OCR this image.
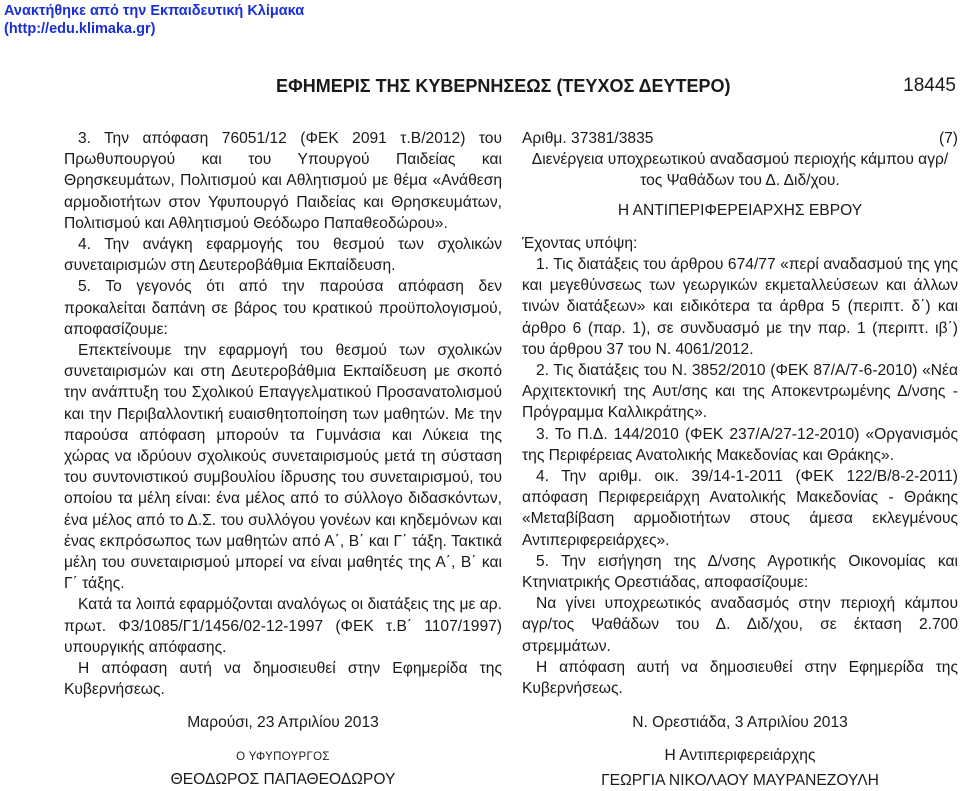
Ανακτήθηκε από την Εκπαιδευτική Κλίμακα
(http://edu.klimaka.gr)
ΕΦΗΜΕΡΙΣ ΤΗΣ ΚΥΒΕΡΝΗΣΕΩΣ (ΤΕΥΧΟΣ ΔΕΥΤΕΡΟ)	18445

3. Την απόφαση 76051/12 (ΦΕΚ 2091 τ.Β/2012) του Πρωθυπουργού και του Υπουργού Παιδείας και Θρησκευμάτων, Πολιτισμού και Αθλητισμού με θέμα «Ανάθεση αρμοδιοτήτων στον Υφυπουργό Παιδείας και Θρησκευμάτων, Πολιτισμού και Αθλητισμού Θεόδωρο Παπαθεοδώρου».

4. Την ανάγκη εφαρμογής του θεσμού των σχολικών συνεταιρισμών στη Δευτεροβάθμια Εκπαίδευση.

5. Το γεγονός ότι από την παρούσα απόφαση δεν προκαλείται δαπάνη σε βάρος του κρατικού προϋπολογισμού, αποφασίζουμε:

Επεκτείνουμε την εφαρμογή του θεσμού των σχολικών συνεταιρισμών και στη Δευτεροβάθμια Εκπαίδευση με σκοπό την ανάπτυξη του Σχολικού Επαγγελματικού Προσανατολισμού και την Περιβαλλοντική ευαισθητοποίηση των μαθητών. Με την παρούσα απόφαση μπορούν τα Γυμνάσια και Λύκεια της χώρας να ιδρύουν σχολικούς συνεταιρισμούς μετά τη σύσταση του συντονιστικού συμβουλίου ίδρυσης του συνεταιρισμού, του οποίου τα μέλη είναι: ένα μέλος από το σύλλογο διδασκόντων, ένα μέλος από το Δ.Σ. του συλλόγου γονέων και κηδεμόνων και ένας εκπρόσωπος των μαθητών από Α΄, Β΄ και Γ΄ τάξη. Τακτικά μέλη του συνεταιρισμού μπορεί να είναι μαθητές της Α΄, Β΄ και Γ΄ τάξης.

Κατά τα λοιπά εφαρμόζονται αναλόγως οι διατάξεις της με αρ. πρωτ. Φ3/1085/Γ1/1456/02-12-1997 (ΦΕΚ τ.Β΄ 1107/1997) υπουργικής απόφασης.

Η απόφαση αυτή να δημοσιευθεί στην Εφημερίδα της Κυβερνήσεως.

Αριθμ. 37381/3835	(7)
Διενέργεια υποχρεωτικού αναδασμού περιοχής κάμπου αγρ/τος Ψαθάδων του Δ. Διδ/χου.
Η ΑΝΤΙΠΕΡΙΦΕΡΕΙΑΡΧΗΣ ΕΒΡΟΥ

Έχοντας υπόψη:

1. Τις διατάξεις του άρθρου 674/77 «περί αναδασμού της γης και μεγεθύνσεως των γεωργικών εκμεταλλεύσεων και άλλων τινών διατάξεων» και ειδικότερα τα άρθρα 5 (περιπτ. δ΄) και άρθρο 6 (παρ. 1), σε συνδυασμό με την παρ. 1 (περιπτ. ιβ΄) του άρθρου 37 του Ν. 4061/2012.

2. Τις διατάξεις του Ν. 3852/2010 (ΦΕΚ 87/Α/7-6-2010) «Νέα Αρχιτεκτονική της Αυτ/σης και της Αποκεντρωμένης Δ/νσης - Πρόγραμμα Καλλικράτης».

3. Το Π.Δ. 144/2010 (ΦΕΚ 237/Α/27-12-2010) «Οργανισμός της Περιφέρειας Ανατολικής Μακεδονίας και Θράκης».

4. Την αριθμ. οικ. 39/14-1-2011 (ΦΕΚ 122/Β/8-2-2011) απόφαση Περιφερειάρχη Ανατολικής Μακεδονίας - Θράκης «Μεταβίβαση αρμοδιοτήτων στους άμεσα εκλεγμένους Αντιπεριφερειάρχες».

5. Την εισήγηση της Δ/νσης Αγροτικής Οικονομίας και Κτηνιατρικής Ορεστιάδας, αποφασίζουμε:

Να γίνει υποχρεωτικός αναδασμός στην περιοχή κάμπου αγρ/τος Ψαθάδων του Δ. Διδ/χου, σε έκταση 2.700 στρεμμάτων.

Η απόφαση αυτή να δημοσιευθεί στην Εφημερίδα της Κυβερνήσεως.

Μαρούσι, 23 Απριλίου 2013
Ο ΥΦΥΠΟΥΡΓΟΣ
ΘΕΟΔΩΡΟΣ ΠΑΠΑΘΕΟΔΩΡΟΥ
Ν. Ορεστιάδα, 3 Απριλίου 2013
Η Αντιπεριφερειάρχης
ΓΕΩΡΓΙΑ ΝΙΚΟΛΑΟΥ ΜΑΥΡΑΝΕΖΟΥΛΗ
